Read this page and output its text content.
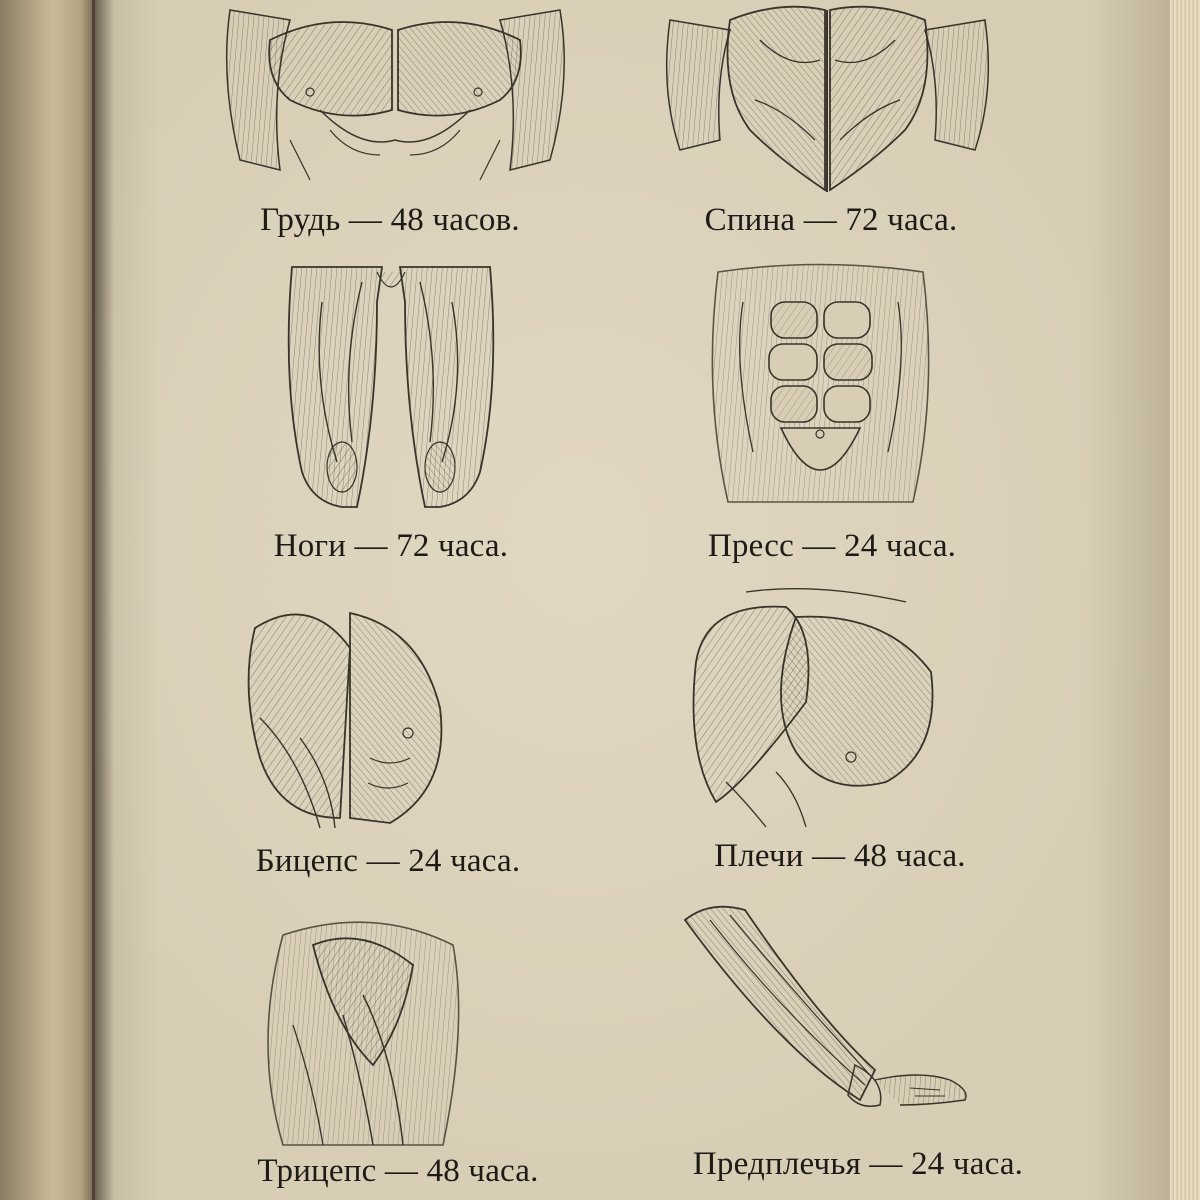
Грудь — 48 часов.	Спина — 72 часа.
Ноги — 72 часа.	Пресс — 24 часа.
Бицепс — 24 часа.	Плечи — 48 часа.
Трицепс — 48 часа.	Предплечья — 24 часа.
